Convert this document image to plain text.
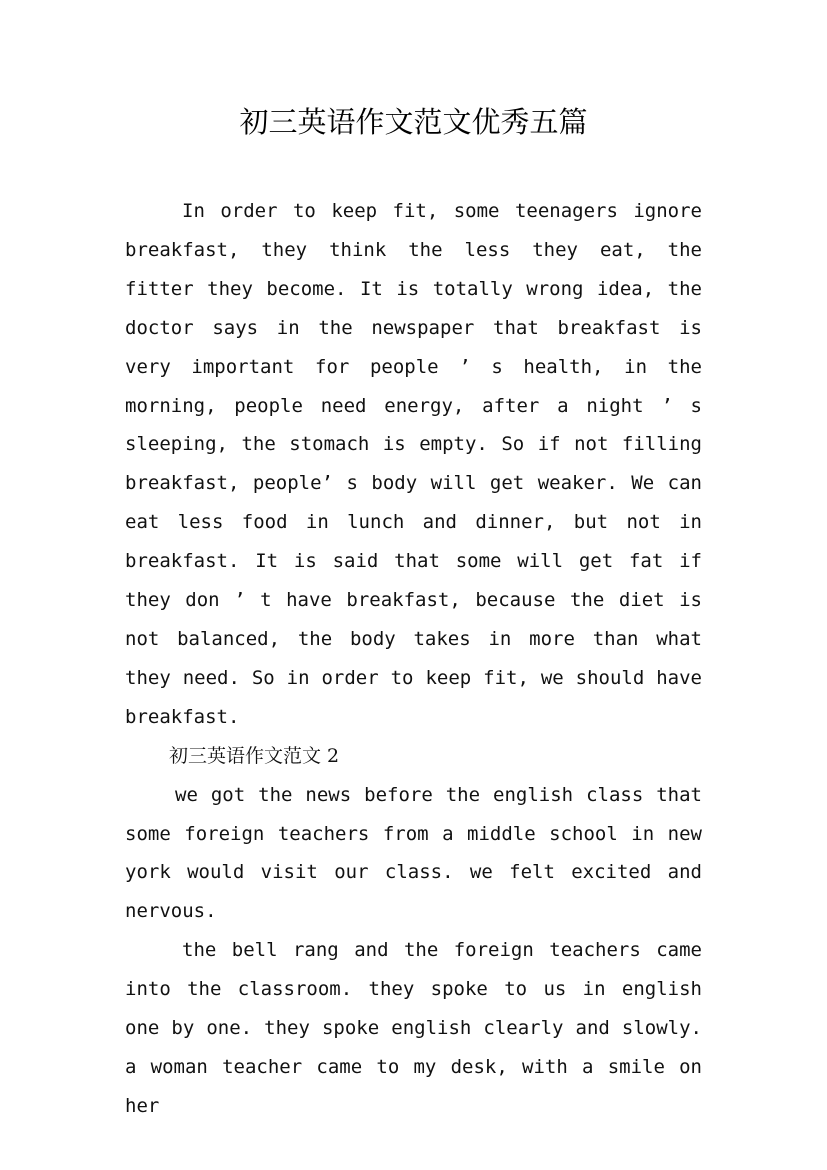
初三英语作文范文优秀五篇

In order to keep fit, some teenagers ignore breakfast, they think the less they eat, the fitter they become. It is totally wrong idea, the doctor says in the newspaper that breakfast is very important for people ’ s health, in the morning, people need energy, after a night ’ s sleeping, the stomach is empty. So if not filling breakfast, people’ s body will get weaker. We can eat less food in lunch and dinner, but not in breakfast. It is said that some will get fat if they don ’ t have breakfast, because the diet is not balanced, the body takes in more than what they need. So in order to keep fit, we should have breakfast.

初三英语作文范文 2

we got the news before the english class that some foreign teachers from a middle school in new york would visit our class. we felt excited and nervous.

the bell rang and the foreign teachers came into the classroom. they spoke to us in english one by one. they spoke english clearly and slowly. a woman teacher came to my desk, with a smile on her
